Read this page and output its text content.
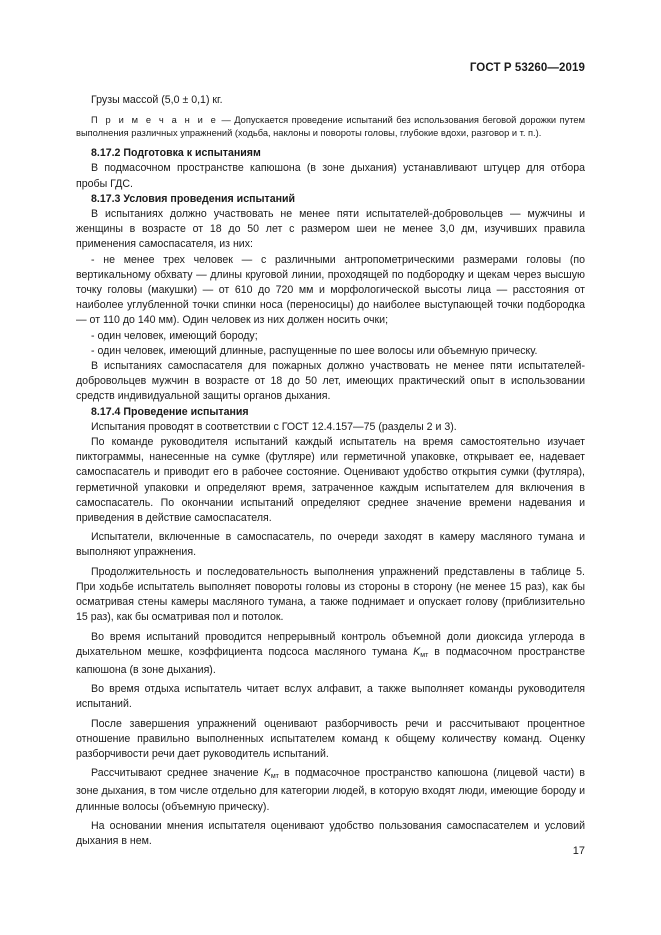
ГОСТ Р 53260—2019

Грузы массой (5,0 ± 0,1) кг.

П р и м е ч а н и е — Допускается проведение испытаний без использования беговой дорожки путем выполнения различных упражнений (ходьба, наклоны и повороты головы, глубокие вдохи, разговор и т. п.).

8.17.2 Подготовка к испытаниям

В подмасочном пространстве капюшона (в зоне дыхания) устанавливают штуцер для отбора пробы ГДС.

8.17.3 Условия проведения испытаний

В испытаниях должно участвовать не менее пяти испытателей-добровольцев — мужчины и женщины в возрасте от 18 до 50 лет с размером шеи не менее 3,0 дм, изучивших правила применения самоспасателя, из них:

- не менее трех человек — с различными антропометрическими размерами головы (по вертикальному обхвату — длины круговой линии, проходящей по подбородку и щекам через высшую точку головы (макушки) — от 610 до 720 мм и морфологической высоты лица — расстояния от наиболее углубленной точки спинки носа (переносицы) до наиболее выступающей точки подбородка — от 110 до 140 мм). Один человек из них должен носить очки;

- один человек, имеющий бороду;

- один человек, имеющий длинные, распущенные по шее волосы или объемную прическу.

В испытаниях самоспасателя для пожарных должно участвовать не менее пяти испытателей-добровольцев мужчин в возрасте от 18 до 50 лет, имеющих практический опыт в использовании средств индивидуальной защиты органов дыхания.

8.17.4 Проведение испытания

Испытания проводят в соответствии с ГОСТ 12.4.157—75 (разделы 2 и 3).

По команде руководителя испытаний каждый испытатель на время самостоятельно изучает пиктограммы, нанесенные на сумке (футляре) или герметичной упаковке, открывает ее, надевает самоспасатель и приводит его в рабочее состояние. Оценивают удобство открытия сумки (футляра), герметичной упаковки и определяют время, затраченное каждым испытателем для включения в самоспасатель. По окончании испытаний определяют среднее значение времени надевания и приведения в действие самоспасателя.

Испытатели, включенные в самоспасатель, по очереди заходят в камеру масляного тумана и выполняют упражнения.

Продолжительность и последовательность выполнения упражнений представлены в таблице 5. При ходьбе испытатель выполняет повороты головы из стороны в сторону (не менее 15 раз), как бы осматривая стены камеры масляного тумана, а также поднимает и опускает голову (приблизительно 15 раз), как бы осматривая пол и потолок.

Во время испытаний проводится непрерывный контроль объемной доли диоксида углерода в дыхательном мешке, коэффициента подсоса масляного тумана $K_{мт}$ в подмасочном пространстве капюшона (в зоне дыхания).

Во время отдыха испытатель читает вслух алфавит, а также выполняет команды руководителя испытаний.

После завершения упражнений оценивают разборчивость речи и рассчитывают процентное отношение правильно выполненных испытателем команд к общему количеству команд. Оценку разборчивости речи дает руководитель испытаний.

Рассчитывают среднее значение $K_{мт}$ в подмасочное пространство капюшона (лицевой части) в зоне дыхания, в том числе отдельно для категории людей, в которую входят люди, имеющие бороду и длинные волосы (объемную прическу).

На основании мнения испытателя оценивают удобство пользования самоспасателем и условий дыхания в нем.

17
